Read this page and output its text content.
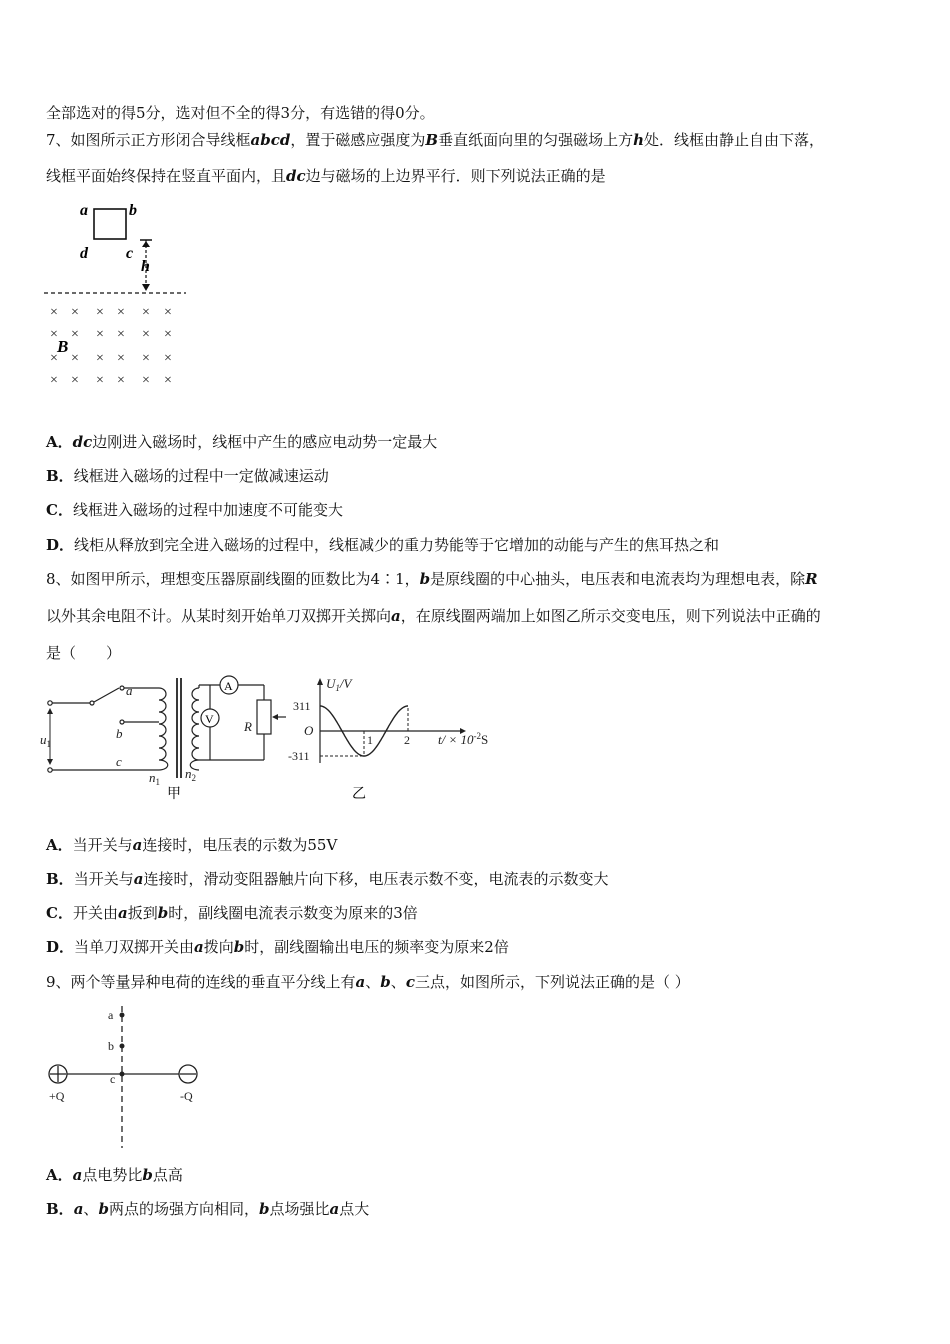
全部选对的得5分，选对但不全的得3分，有选错的得0分。
7、如图所示正方形闭合导线框abcd，置于磁感应强度为B垂直纸面向里的匀强磁场上方h处．线框由静止自由下落，
线框平面始终保持在竖直平面内，且dc边与磁场的上边界平行．则下列说法正确的是
a	b
d c
h
× × × × × ×
× × × × × ×
× × × × × ×
× × × × × ×
B
A．dc边刚进入磁场时，线框中产生的感应电动势一定最大
B．线框进入磁场的过程中一定做减速运动
C．线框进入磁场的过程中加速度不可能变大
D．线柜从释放到完全进入磁场的过程中，线框减少的重力势能等于它增加的动能与产生的焦耳热之和
8、如图甲所示，理想变压器原副线圈的匝数比为4∶1，b是原线圈的中心抽头，电压表和电流表均为理想电表，除R
以外其余电阻不计。从某时刻开始单刀双掷开关掷向a，在原线圈两端加上如图乙所示交变电压，则下列说法中正确的
是（　　）
a
b
c
$u_1$
$n_1$
$n_2$
R
A
V
甲
311
-311
O
1	2
$U_1/V$
$t/ \times 10^{-2}S$
乙
A．当开关与a连接时，电压表的示数为55V
B．当开关与a连接时，滑动变阻器触片向下移，电压表示数不变，电流表的示数变大
C．开关由a扳到b时，副线圈电流表示数变为原来的3倍
D．当单刀双掷开关由a拨向b时，副线圈输出电压的频率变为原来2倍
9、两个等量异种电荷的连线的垂直平分线上有a、b、c三点，如图所示，下列说法正确的是（ ）
a
b
c
+Q	-Q
A．a点电势比b点高
B．a、b两点的场强方向相同，b点场强比a点大
